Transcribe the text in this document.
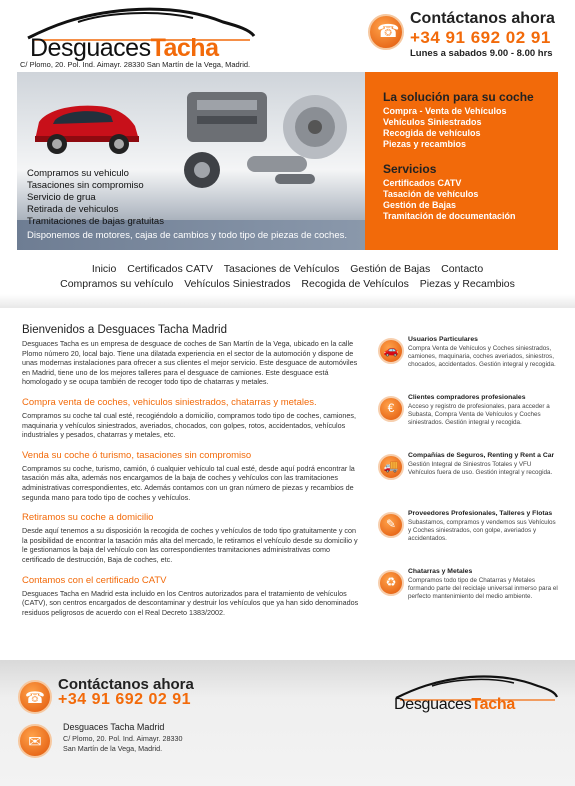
DesguacesTacha
C/ Plomo, 20. Pol. Ind. Aimayr. 28330 San Martín de la Vega, Madrid.
☎
Contáctanos ahora
+34 91 692 02 91
Lunes a sabados 9.00 - 8.00 hrs
Compramos su vehiculo
Tasaciones sin compromiso
Servicio de grua
Retirada de vehiculos
Tramitaciones de bajas gratuitas
Disponemos de motores, cajas de cambios y todo tipo de piezas de coches.
La solución para su coche
Compra - Venta de Vehículos
Vehículos Siniestrados
Recogida de vehículos
Piezas y recambios
Servicios
Certificados CATV
Tasación de vehículos
Gestión de Bajas
Tramitación de documentación
Inicio Certificados CATV Tasaciones de Vehículos Gestión de Bajas Contacto
Compramos su vehículo Vehículos Siniestrados Recogida de Vehículos Piezas y Recambios
Bienvenidos a Desguaces Tacha Madrid

Desguaces Tacha es un empresa de desguace de coches de San Martín de la Vega, ubicado en la calle Plomo número 20, local bajo. Tiene una dilatada experiencia en el sector de la automoción y dispone de unas modernas instalaciones para ofrecer a sus clientes el mejor servicio. Este desguace de automóviles en Madrid, tiene uno de los mejores talleres para el desguace de camiones. Este desguace está homologado y se ocupa también de recoger todo tipo de chatarras y metales.

Compra venta de coches, vehiculos siniestrados, chatarras y metales.

Compramos su coche tal cual esté, recogiéndolo a domicilio, compramos todo tipo de coches, camiones, maquinaria y vehículos siniestrados, averiados, chocados, con golpes, rotos, accidentados, vehículos industriales y pesados, chatarras y metales, etc.

Venda su coche ó turismo, tasaciones sin compromiso

Compramos su coche, turismo, camión, ó cualquier vehículo tal cual esté, desde aquí podrá encontrar la tasación más alta, además nos encargamos de la baja de coches y vehículos con las tramitaciones administrativas correspondientes, etc. Además contamos con un gran número de piezas y recambios de segunda mano para todo tipo de coches y vehículos.

Retiramos su coche a domicilio

Desde aquí tenemos a su disposición la recogida de coches y vehículos de todo tipo gratuitamente y con la posibilidad de encontrar la tasación más alta del mercado, le retiramos el vehículo desde su domicilio y le gestionamos la baja del vehículo con las correspondientes tramitaciones administrativas como certificado de destrucción, Baja de coches, etc.

Contamos con el certificado CATV

Desguaces Tacha en Madrid esta incluido en los Centros autorizados para el tratamiento de vehículos (CATV), son centros encargados de descontaminar y destruir los vehículos que ya han sido denominados residuos peligrosos de acuerdo con el Real Decreto 1383/2002.

🚗
Usuarios Particulares
Compra Venta de Vehículos y Coches siniestrados, camiones, maquinaria, coches averiados, siniestros, chocados, accidentados. Gestión integral y recogida.
€
Clientes compradores profesionales
Acceso y registro de profesionales, para acceder a Subasta, Compra Venta de Vehículos y Coches siniestrados. Gestión integral y recogida.
🚚
Compañías de Seguros, Renting y Rent a Car
Gestión Integral de Siniestros Totales y VFU Vehículos fuera de uso. Gestión integral y recogida.
✎
Proveedores Profesionales, Talleres y Flotas
Subastamos, compramos y vendemos sus Vehículos y Coches siniestrados, con golpe, averiados y accidentados.
♻
Chatarras y Metales
Compramos todo tipo de Chatarras y Metales formando parte del reciclaje universal inmerso para el perfecto mantenimiento del medio ambiente.
☎
Contáctanos ahora
+34 91 692 02 91
✉
Desguaces Tacha Madrid
C/ Plomo, 20. Pol. Ind. Aimayr. 28330
San Martín de la Vega, Madrid.
DesguacesTacha
